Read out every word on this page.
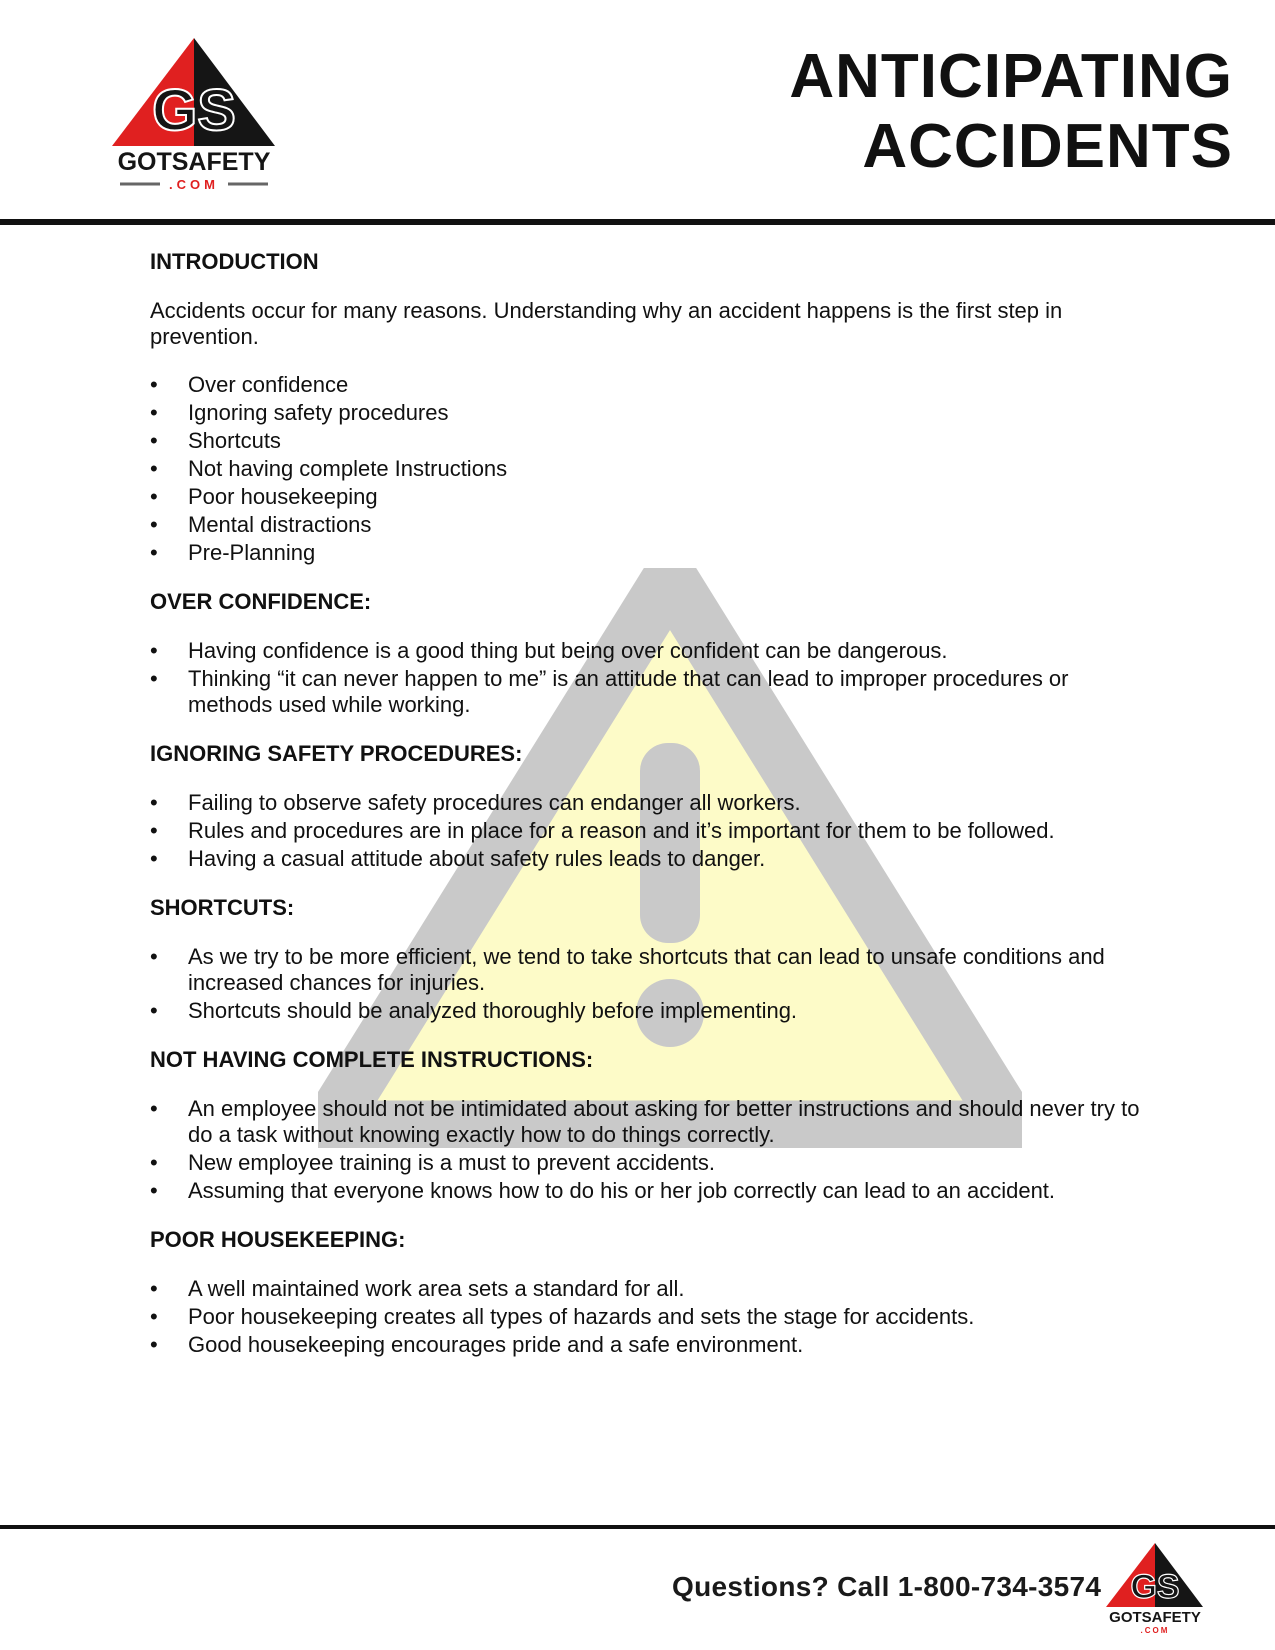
GS
GOTSAFETY
.COM
ANTICIPATING
ACCIDENTS
INTRODUCTION

Accidents occur for many reasons. Understanding why an accident happens is the first step in prevention.

• Over confidence
• Ignoring safety procedures
• Shortcuts
• Not having complete Instructions
• Poor housekeeping
• Mental distractions
• Pre-Planning
OVER CONFIDENCE:
• Having confidence is a good thing but being over confident can be dangerous.
• Thinking “it can never happen to me” is an attitude that can lead to improper procedures or methods used while working.
IGNORING SAFETY PROCEDURES:
• Failing to observe safety procedures can endanger all workers.
• Rules and procedures are in place for a reason and it’s important for them to be followed.
• Having a casual attitude about safety rules leads to danger.
SHORTCUTS:
• As we try to be more efficient, we tend to take shortcuts that can lead to unsafe conditions and increased chances for injuries.
• Shortcuts should be analyzed thoroughly before implementing.
NOT HAVING COMPLETE INSTRUCTIONS:
• An employee should not be intimidated about asking for better instructions and should never try to do a task without knowing exactly how to do things correctly.
• New employee training is a must to prevent accidents.
• Assuming that everyone knows how to do his or her job correctly can lead to an accident.
POOR HOUSEKEEPING:
• A well maintained work area sets a standard for all.
• Poor housekeeping creates all types of hazards and sets the stage for accidents.
• Good housekeeping encourages pride and a safe environment.
Questions? Call 1-800-734-3574 GS
GOTSAFETY
.COM
